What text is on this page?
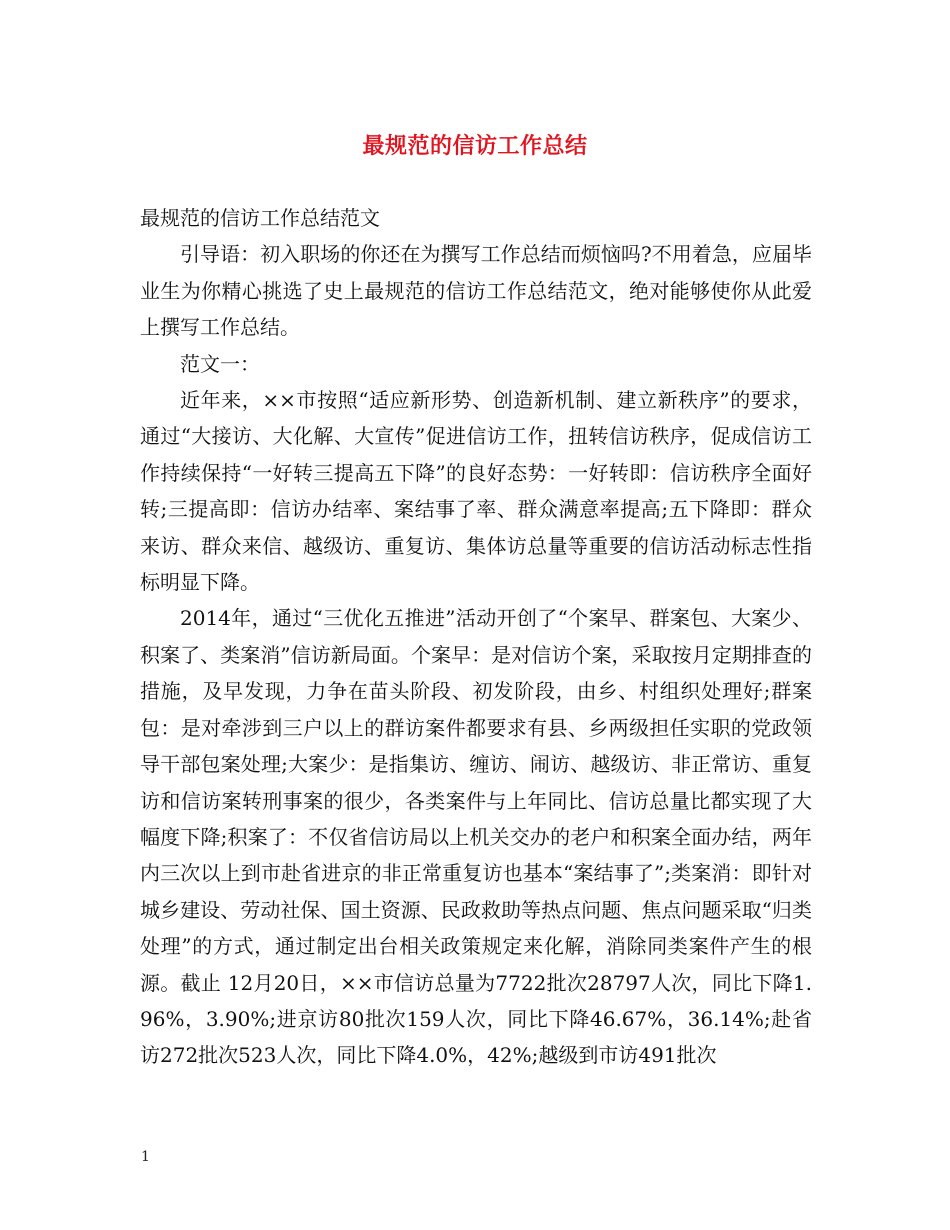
最规范的信访工作总结

最规范的信访工作总结范文

引导语：初入职场的你还在为撰写工作总结而烦恼吗?不用着急，应届毕业生为你精心挑选了史上最规范的信访工作总结范文，绝对能够使你从此爱上撰写工作总结。

范文一：

近年来，××市按照“适应新形势、创造新机制、建立新秩序”的要求，通过“大接访、大化解、大宣传”促进信访工作，扭转信访秩序，促成信访工作持续保持“一好转三提高五下降”的良好态势：一好转即：信访秩序全面好转;三提高即：信访办结率、案结事了率、群众满意率提高;五下降即：群众来访、群众来信、越级访、重复访、集体访总量等重要的信访活动标志性指标明显下降。

2014年，通过“三优化五推进”活动开创了“个案早、群案包、大案少、积案了、类案消”信访新局面。个案早：是对信访个案，采取按月定期排查的措施，及早发现，力争在苗头阶段、初发阶段，由乡、村组织处理好;群案包：是对牵涉到三户以上的群访案件都要求有县、乡两级担任实职的党政领导干部包案处理;大案少：是指集访、缠访、闹访、越级访、非正常访、重复访和信访案转刑事案的很少，各类案件与上年同比、信访总量比都实现了大幅度下降;积案了：不仅省信访局以上机关交办的老户和积案全面办结，两年内三次以上到市赴省进京的非正常重复访也基本“案结事了”;类案消：即针对城乡建设、劳动社保、国土资源、民政救助等热点问题、焦点问题采取“归类处理”的方式，通过制定出台相关政策规定来化解，消除同类案件产生的根源。截止 12月20日，××市信访总量为7722批次28797人次，同比下降1.96%，3.90%;进京访80批次159人次，同比下降46.67%，36.14%;赴省访272批次523人次，同比下降4.0%，42%;越级到市访491批次

1
